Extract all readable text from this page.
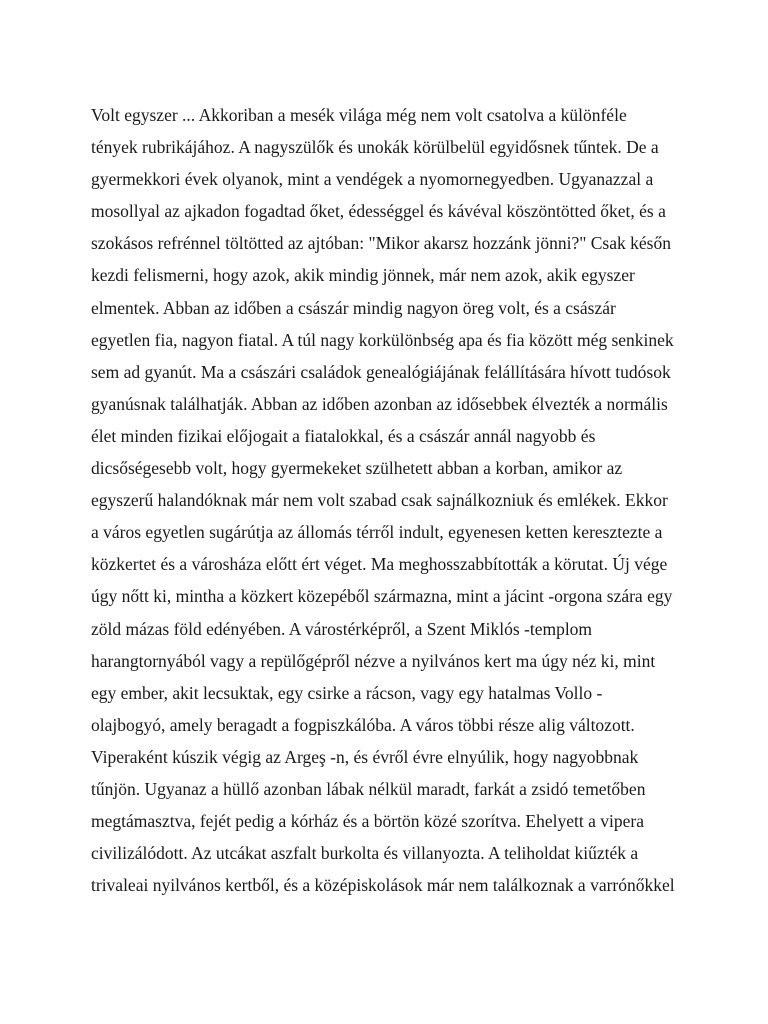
Volt egyszer ... Akkoriban a mesék világa még nem volt csatolva a különféle
tények rubrikájához. A nagyszülők és unokák körülbelül egyidősnek tűntek. De a
gyermekkori évek olyanok, mint a vendégek a nyomornegyedben. Ugyanazzal a
mosollyal az ajkadon fogadtad őket, édességgel és kávéval köszöntötted őket, és a
szokásos refrénnel töltötted az ajtóban: "Mikor akarsz hozzánk jönni?" Csak későn
kezdi felismerni, hogy azok, akik mindig jönnek, már nem azok, akik egyszer
elmentek. Abban az időben a császár mindig nagyon öreg volt, és a császár
egyetlen fia, nagyon fiatal. A túl nagy korkülönbség apa és fia között még senkinek
sem ad gyanút. Ma a császári családok genealógiájának felállítására hívott tudósok
gyanúsnak találhatják. Abban az időben azonban az idősebbek élvezték a normális
élet minden fizikai előjogait a fiatalokkal, és a császár annál nagyobb és
dicsőségesebb volt, hogy gyermekeket szülhetett abban a korban, amikor az
egyszerű halandóknak már nem volt szabad csak sajnálkozniuk és emlékek. Ekkor
a város egyetlen sugárútja az állomás térről indult, egyenesen ketten keresztezte a
közkertet és a városháza előtt ért véget. Ma meghosszabbították a körutat. Új vége
úgy nőtt ki, mintha a közkert közepéből származna, mint a jácint -orgona szára egy
zöld mázas föld edényében. A várostérképről, a Szent Miklós -templom
harangtornyából vagy a repülőgépről nézve a nyilvános kert ma úgy néz ki, mint
egy ember, akit lecsuktak, egy csirke a rácson, vagy egy hatalmas Vollo -
olajbogyó, amely beragadt a fogpiszkálóba. A város többi része alig változott.
Viperaként kúszik végig az Argeş -n, és évről évre elnyúlik, hogy nagyobbnak
tűnjön. Ugyanaz a hüllő azonban lábak nélkül maradt, farkát a zsidó temetőben
megtámasztva, fejét pedig a kórház és a börtön közé szorítva. Ehelyett a vipera
civilizálódott. Az utcákat aszfalt burkolta és villanyozta. A teliholdat kiűzték a
trivaleai nyilvános kertből, és a középiskolások már nem találkoznak a varrónőkkel
